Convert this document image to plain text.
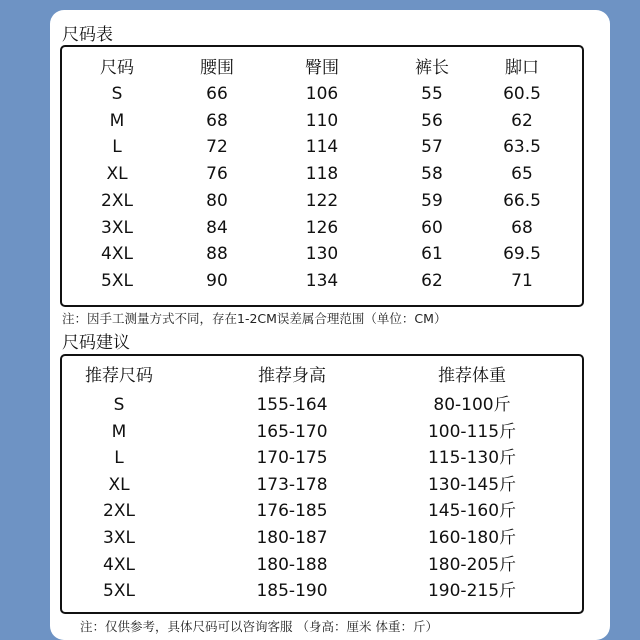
尺码表
尺码	腰围	臀围	裤长	脚口
S	66	106	55	60.5
M	68	110	56	62
L	72	114	57	63.5
XL	76	118	58	65
2XL	80	122	59	66.5
3XL	84	126	60	68
4XL	88	130	61	69.5
5XL	90	134	62	71
注：因手工测量方式不同，存在1-2CM误差属合理范围（单位：CM）
尺码建议
推荐尺码	推荐身高	推荐体重
S	155-164	80-100斤
M	165-170	100-115斤
L	170-175	115-130斤
XL	173-178	130-145斤
2XL	176-185	145-160斤
3XL	180-187	160-180斤
4XL	180-188	180-205斤
5XL	185-190	190-215斤
注：仅供参考，具体尺码可以咨询客服 （身高：厘米 体重：斤）
